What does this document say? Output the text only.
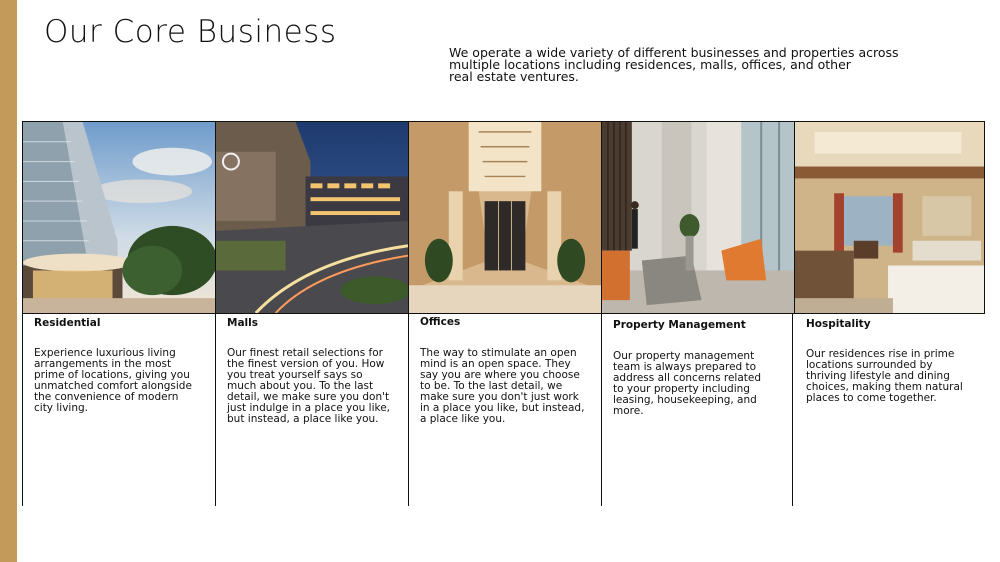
Our Core Business
We operate a wide variety of different businesses and properties across
multiple locations including residences, malls, offices, and other
real estate ventures.
Residential
Experience luxurious living
arrangements in the most
prime of locations, giving you
unmatched comfort alongside
the convenience of modern
city living.
Malls
Our finest retail selections for
the finest version of you. How
you treat yourself says so
much about you. To the last
detail, we make sure you don't
just indulge in a place you like,
but instead, a place like you.
Offices
The way to stimulate an open
mind is an open space. They
say you are where you choose
to be. To the last detail, we
make sure you don't just work
in a place you like, but instead,
a place like you.
Property Management
Our property management
team is always prepared to
address all concerns related
to your property including
leasing, housekeeping, and
more.
Hospitality
Our residences rise in prime
locations surrounded by
thriving lifestyle and dining
choices, making them natural
places to come together.
